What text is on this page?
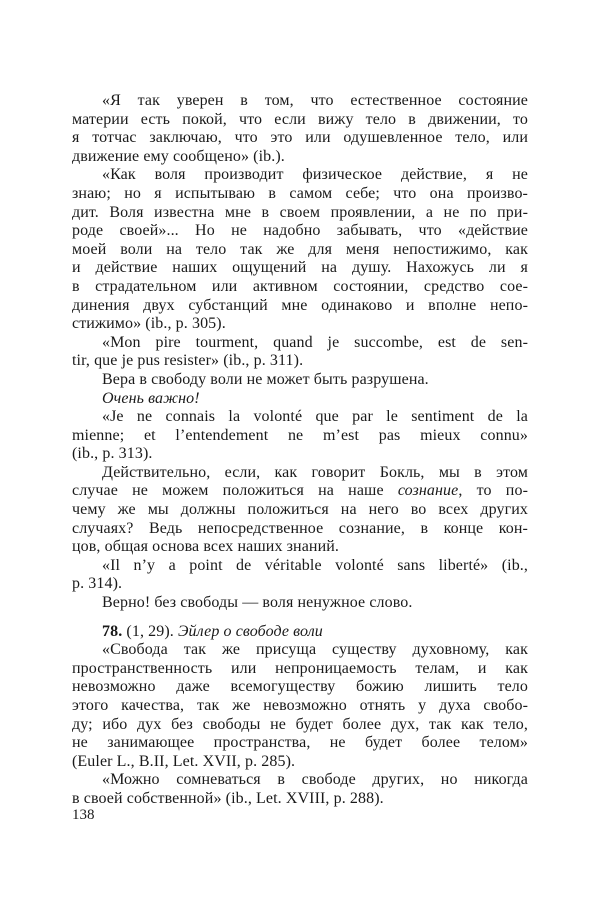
«Я так уверен в том, что естественное состояние
материи есть покой, что если вижу тело в движении, то
я тотчас заключаю, что это или одушевленное тело, или
движение ему сообщено» (ib.).
«Как воля производит физическое действие, я не
знаю; но я испытываю в самом себе; что она произво-
дит. Воля известна мне в своем проявлении, а не по при-
роде своей»... Но не надобно забывать, что «действие
моей воли на тело так же для меня непостижимо, как
и действие наших ощущений на душу. Нахожусь ли я
в страдательном или активном состоянии, средство сое-
динения двух субстанций мне одинаково и вполне непо-
стижимо» (ib., p. 305).
«Mon pire tourment, quand je succombe, est de sen-
tir, que je pus resister» (ib., p. 311).
Вера в свободу воли не может быть разрушена.
Очень важно!
«Je ne connais la volonté que par le sentiment de la
mienne; et l’entendement ne m’est pas mieux connu»
(ib., p. 313).
Действительно, если, как говорит Бокль, мы в этом
случае не можем положиться на наше сознание, то по-
чему же мы должны положиться на него во всех других
случаях? Ведь непосредственное сознание, в конце кон-
цов, общая основа всех наших знаний.
«Il n’y a point de véritable volonté sans liberté» (ib.,
p. 314).
Верно! без свободы — воля ненужное слово.
78. (1, 29). Эйлер о свободе воли
«Свобода так же присуща существу духовному, как
пространственность или непроницаемость телам, и как
невозможно даже всемогуществу божию лишить тело
этого качества, так же невозможно отнять у духа свобо-
ду; ибо дух без свободы не будет более дух, так как тело,
не занимающее пространства, не будет более телом»
(Euler L., B.II, Let. XVII, p. 285).
«Можно сомневаться в свободе других, но никогда
в своей собственной» (ib., Let. XVIII, p. 288).
138
